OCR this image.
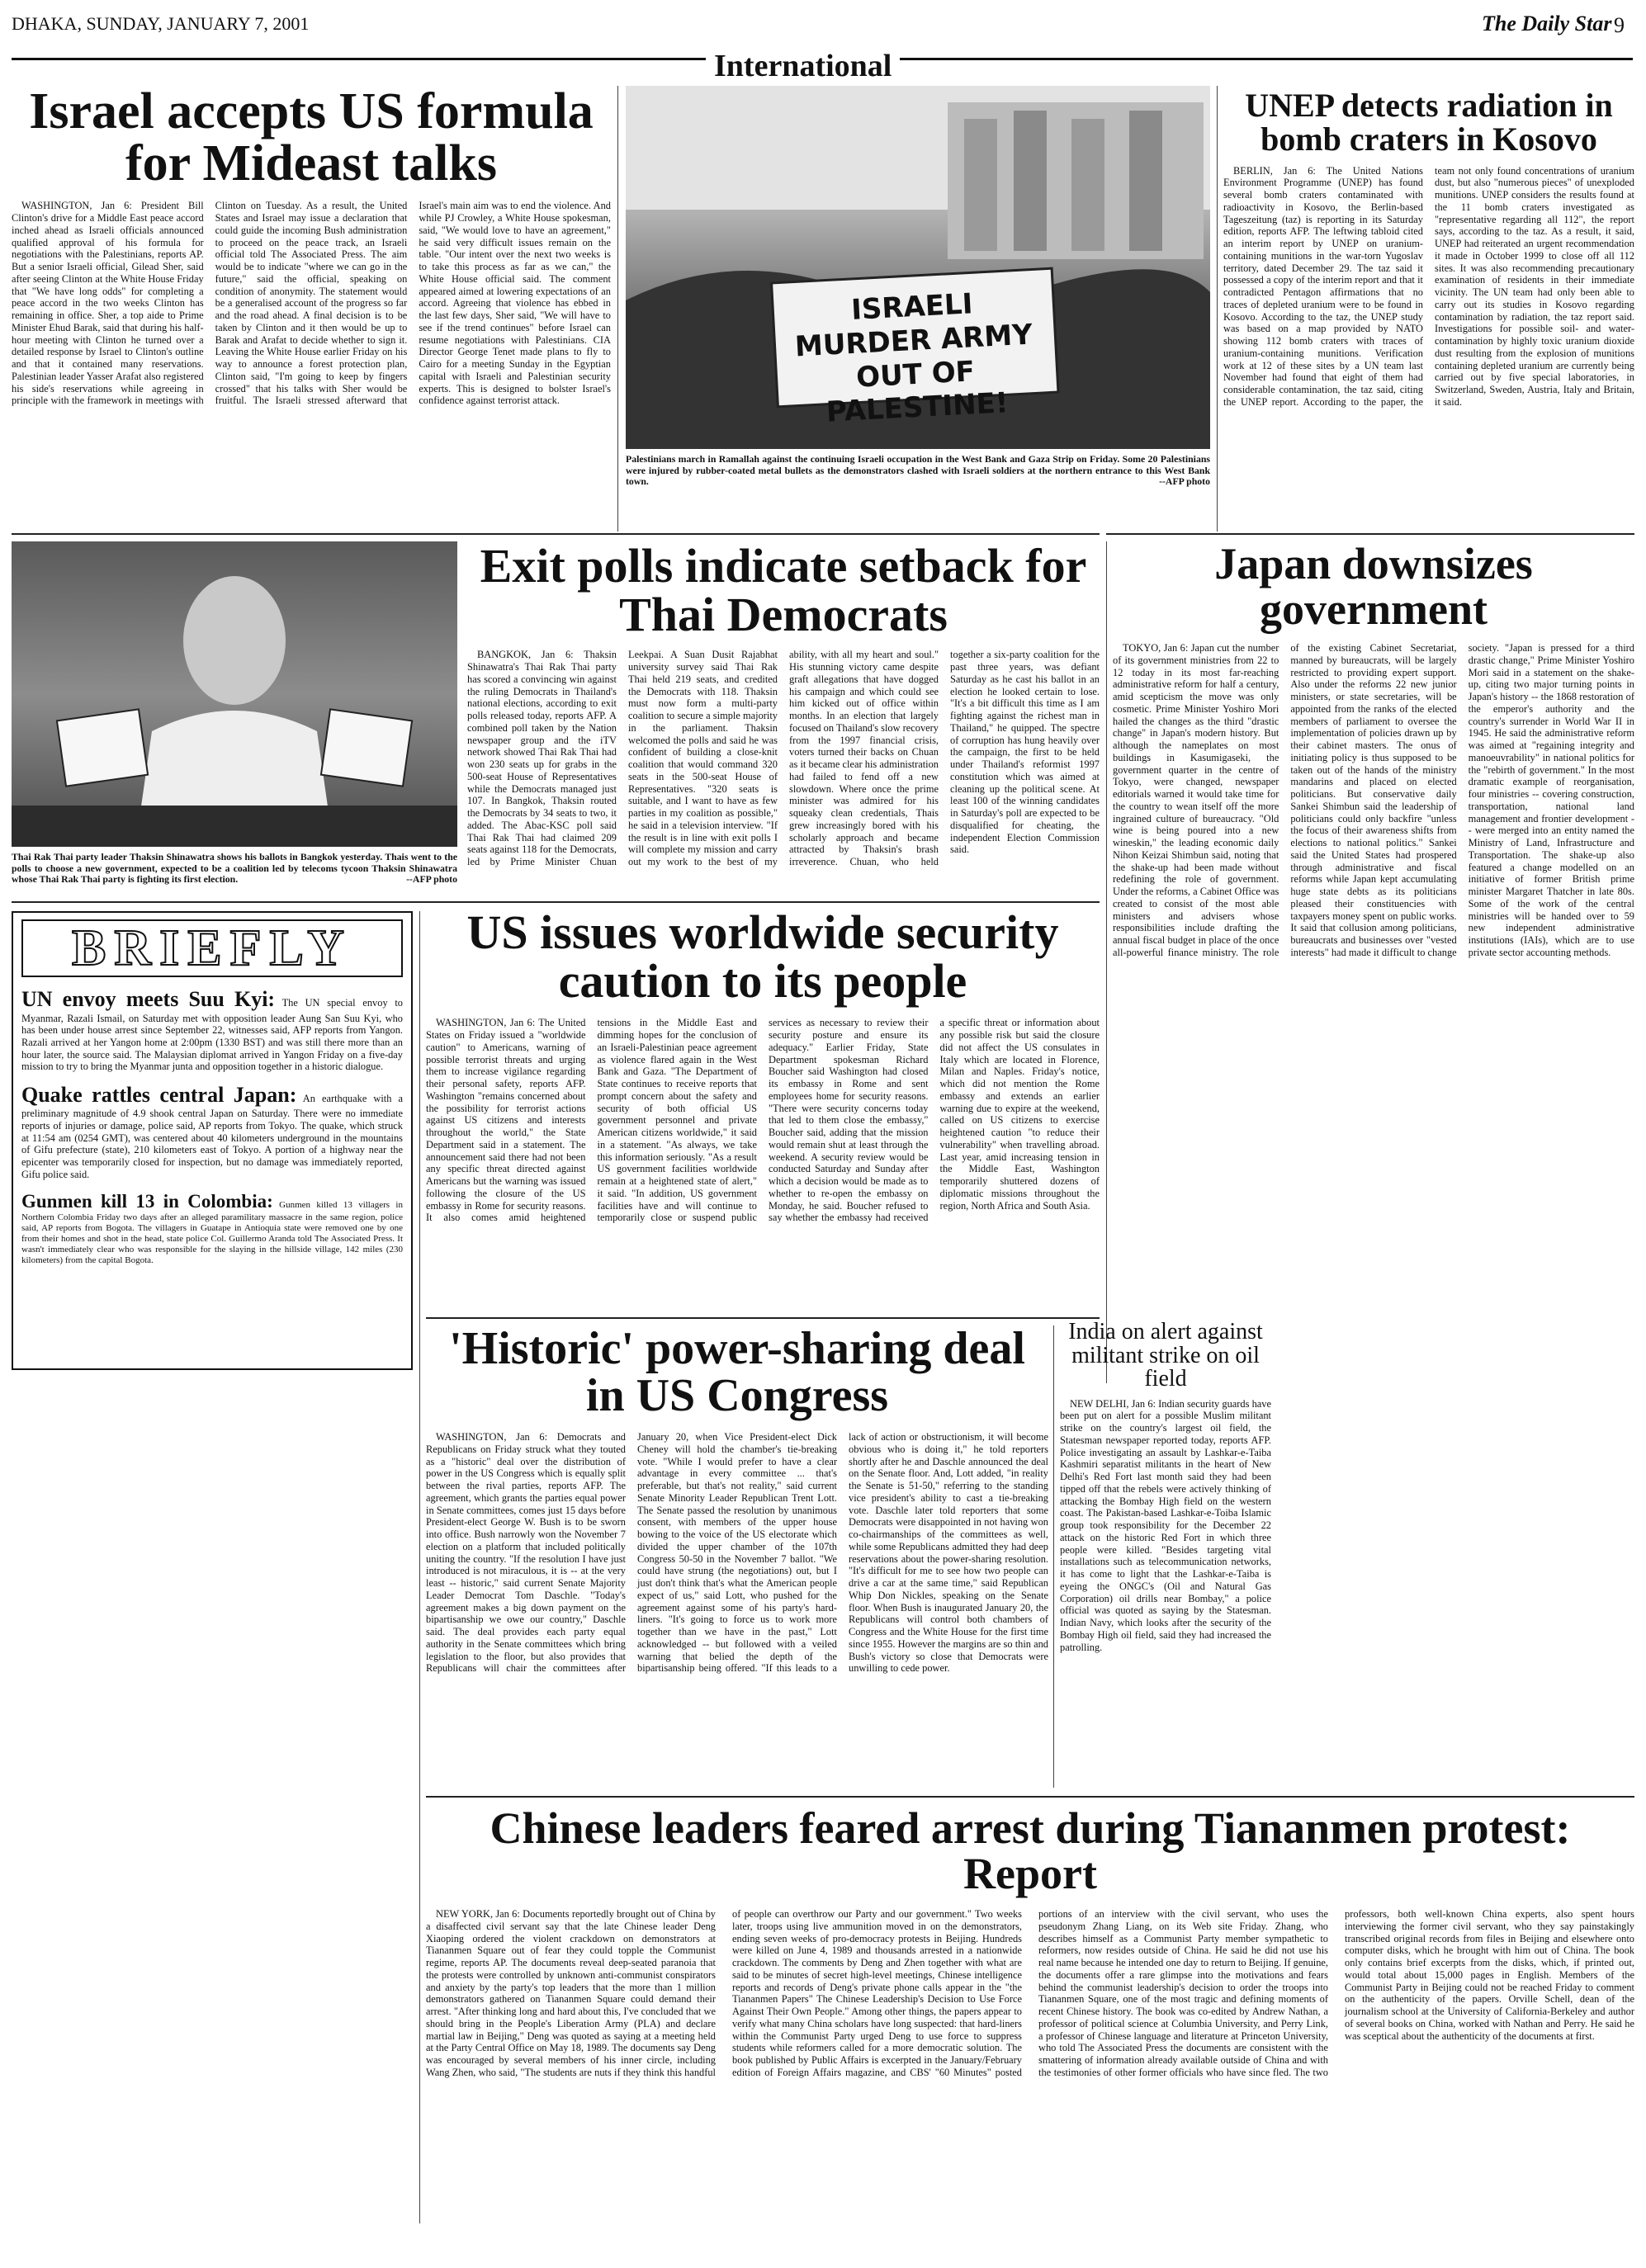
DHAKA, SUNDAY, JANUARY 7, 2001
International
The Daily Star 9
Israel accepts US formula for Mideast talks

WASHINGTON, Jan 6: President Bill Clinton's drive for a Middle East peace accord inched ahead as Israeli officials announced qualified approval of his formula for negotiations with the Palestinians, reports AP. But a senior Israeli official, Gilead Sher, said after seeing Clinton at the White House Friday that "We have long odds" for completing a peace accord in the two weeks Clinton has remaining in office. Sher, a top aide to Prime Minister Ehud Barak, said that during his half-hour meeting with Clinton he turned over a detailed response by Israel to Clinton's outline and that it contained many reservations. Palestinian leader Yasser Arafat also registered his side's reservations while agreeing in principle with the framework in meetings with Clinton on Tuesday. As a result, the United States and Israel may issue a declaration that could guide the incoming Bush administration to proceed on the peace track, an Israeli official told The Associated Press. The aim would be to indicate "where we can go in the future," said the official, speaking on condition of anonymity. The statement would be a generalised account of the progress so far and the road ahead. A final decision is to be taken by Clinton and it then would be up to Barak and Arafat to decide whether to sign it. Leaving the White House earlier Friday on his way to announce a forest protection plan, Clinton said, "I'm going to keep by fingers crossed" that his talks with Sher would be fruitful. The Israeli stressed afterward that Israel's main aim was to end the violence. And while PJ Crowley, a White House spokesman, said, "We would love to have an agreement," he said very difficult issues remain on the table. "Our intent over the next two weeks is to take this process as far as we can," the White House official said. The comment appeared aimed at lowering expectations of an accord. Agreeing that violence has ebbed in the last few days, Sher said, "We will have to see if the trend continues" before Israel can resume negotiations with Palestinians. CIA Director George Tenet made plans to fly to Cairo for a meeting Sunday in the Egyptian capital with Israeli and Palestinian security experts. This is designed to bolster Israel's confidence against terrorist attack.

ISRAELI MURDER ARMY OUT OF PALESTINE!
Palestinians march in Ramallah against the continuing Israeli occupation in the West Bank and Gaza Strip on Friday. Some 20 Palestinians were injured by rubber-coated metal bullets as the demonstrators clashed with Israeli soldiers at the northern entrance to this West Bank town.	--AFP photo
UNEP detects radiation in bomb craters in Kosovo

BERLIN, Jan 6: The United Nations Environment Programme (UNEP) has found several bomb craters contaminated with radioactivity in Kosovo, the Berlin-based Tageszeitung (taz) is reporting in its Saturday edition, reports AFP. The leftwing tabloid cited an interim report by UNEP on uranium-containing munitions in the war-torn Yugoslav territory, dated December 29. The taz said it possessed a copy of the interim report and that it contradicted Pentagon affirmations that no traces of depleted uranium were to be found in Kosovo. According to the taz, the UNEP study was based on a map provided by NATO showing 112 bomb craters with traces of uranium-containing munitions. Verification work at 12 of these sites by a UN team last November had found that eight of them had considerable contamination, the taz said, citing the UNEP report. According to the paper, the team not only found concentrations of uranium dust, but also "numerous pieces" of unexploded munitions. UNEP considers the results found at the 11 bomb craters investigated as "representative regarding all 112", the report says, according to the taz. As a result, it said, UNEP had reiterated an urgent recommendation it made in October 1999 to close off all 112 sites. It was also recommending precautionary examination of residents in their immediate vicinity. The UN team had only been able to carry out its studies in Kosovo regarding contamination by radiation, the taz report said. Investigations for possible soil- and water-contamination by highly toxic uranium dioxide dust resulting from the explosion of munitions containing depleted uranium are currently being carried out by five special laboratories, in Switzerland, Sweden, Austria, Italy and Britain, it said.

Thai Rak Thai party leader Thaksin Shinawatra shows his ballots in Bangkok yesterday. Thais went to the polls to choose a new government, expected to be a coalition led by telecoms tycoon Thaksin Shinawatra whose Thai Rak Thai party is fighting its first election.	--AFP photo
Exit polls indicate setback for Thai Democrats

BANGKOK, Jan 6: Thaksin Shinawatra's Thai Rak Thai party has scored a convincing win against the ruling Democrats in Thailand's national elections, according to exit polls released today, reports AFP. A combined poll taken by the Nation newspaper group and the iTV network showed Thai Rak Thai had won 230 seats up for grabs in the 500-seat House of Representatives while the Democrats managed just 107. In Bangkok, Thaksin routed the Democrats by 34 seats to two, it added. The Abac-KSC poll said Thai Rak Thai had claimed 209 seats against 118 for the Democrats, led by Prime Minister Chuan Leekpai. A Suan Dusit Rajabhat university survey said Thai Rak Thai held 219 seats, and credited the Democrats with 118. Thaksin must now form a multi-party coalition to secure a simple majority in the parliament. Thaksin welcomed the polls and said he was confident of building a close-knit coalition that would command 320 seats in the 500-seat House of Representatives. "320 seats is suitable, and I want to have as few parties in my coalition as possible," he said in a television interview. "If the result is in line with exit polls I will complete my mission and carry out my work to the best of my ability, with all my heart and soul." His stunning victory came despite graft allegations that have dogged his campaign and which could see him kicked out of office within months. In an election that largely focused on Thailand's slow recovery from the 1997 financial crisis, voters turned their backs on Chuan as it became clear his administration had failed to fend off a new slowdown. Where once the prime minister was admired for his squeaky clean credentials, Thais grew increasingly bored with his scholarly approach and became attracted by Thaksin's brash irreverence. Chuan, who held together a six-party coalition for the past three years, was defiant Saturday as he cast his ballot in an election he looked certain to lose. "It's a bit difficult this time as I am fighting against the richest man in Thailand," he quipped. The spectre of corruption has hung heavily over the campaign, the first to be held under Thailand's reformist 1997 constitution which was aimed at cleaning up the political scene. At least 100 of the winning candidates in Saturday's poll are expected to be disqualified for cheating, the independent Election Commission said.

Japan downsizes government

TOKYO, Jan 6: Japan cut the number of its government ministries from 22 to 12 today in its most far-reaching administrative reform for half a century, amid scepticism the move was only cosmetic. Prime Minister Yoshiro Mori hailed the changes as the third "drastic change" in Japan's modern history. But although the nameplates on most buildings in Kasumigaseki, the government quarter in the centre of Tokyo, were changed, newspaper editorials warned it would take time for the country to wean itself off the more ingrained culture of bureaucracy. "Old wine is being poured into a new wineskin," the leading economic daily Nihon Keizai Shimbun said, noting that the shake-up had been made without redefining the role of government. Under the reforms, a Cabinet Office was created to consist of the most able ministers and advisers whose responsibilities include drafting the annual fiscal budget in place of the once all-powerful finance ministry. The role of the existing Cabinet Secretariat, manned by bureaucrats, will be largely restricted to providing expert support. Also under the reforms 22 new junior ministers, or state secretaries, will be appointed from the ranks of the elected members of parliament to oversee the implementation of policies drawn up by their cabinet masters. The onus of initiating policy is thus supposed to be taken out of the hands of the ministry mandarins and placed on elected politicians. But conservative daily Sankei Shimbun said the leadership of politicians could only backfire "unless the focus of their awareness shifts from elections to national politics." Sankei said the United States had prospered through administrative and fiscal reforms while Japan kept accumulating huge state debts as its politicians pleased their constituencies with taxpayers money spent on public works. It said that collusion among politicians, bureaucrats and businesses over "vested interests" had made it difficult to change society. "Japan is pressed for a third drastic change," Prime Minister Yoshiro Mori said in a statement on the shake-up, citing two major turning points in Japan's history -- the 1868 restoration of the emperor's authority and the country's surrender in World War II in 1945. He said the administrative reform was aimed at "regaining integrity and manoeuvrability" in national politics for the "rebirth of government." In the most dramatic example of reorganisation, four ministries -- covering construction, transportation, national land management and frontier development -- were merged into an entity named the Ministry of Land, Infrastructure and Transportation. The shake-up also featured a change modelled on an initiative of former British prime minister Margaret Thatcher in late 80s. Some of the work of the central ministries will be handed over to 59 new independent administrative institutions (IAIs), which are to use private sector accounting methods.

BRIEFLY
UN envoy meets Suu Kyi: The UN special envoy to Myanmar, Razali Ismail, on Saturday met with opposition leader Aung San Suu Kyi, who has been under house arrest since September 22, witnesses said, AFP reports from Yangon. Razali arrived at her Yangon home at 2:00pm (1330 BST) and was still there more than an hour later, the source said. The Malaysian diplomat arrived in Yangon Friday on a five-day mission to try to bring the Myanmar junta and opposition together in a historic dialogue.
Quake rattles central Japan: An earthquake with a preliminary magnitude of 4.9 shook central Japan on Saturday. There were no immediate reports of injuries or damage, police said, AP reports from Tokyo. The quake, which struck at 11:54 am (0254 GMT), was centered about 40 kilometers underground in the mountains of Gifu prefecture (state), 210 kilometers east of Tokyo. A portion of a highway near the epicenter was temporarily closed for inspection, but no damage was immediately reported, Gifu police said.
Gunmen kill 13 in Colombia: Gunmen killed 13 villagers in Northern Colombia Friday two days after an alleged paramilitary massacre in the same region, police said, AP reports from Bogota. The villagers in Guatape in Antioquia state were removed one by one from their homes and shot in the head, state police Col. Guillermo Aranda told The Associated Press. It wasn't immediately clear who was responsible for the slaying in the hillside village, 142 miles (230 kilometers) from the capital Bogota.
US issues worldwide security caution to its people

WASHINGTON, Jan 6: The United States on Friday issued a "worldwide caution" to Americans, warning of possible terrorist threats and urging them to increase vigilance regarding their personal safety, reports AFP. Washington "remains concerned about the possibility for terrorist actions against US citizens and interests throughout the world," the State Department said in a statement. The announcement said there had not been any specific threat directed against Americans but the warning was issued following the closure of the US embassy in Rome for security reasons. It also comes amid heightened tensions in the Middle East and dimming hopes for the conclusion of an Israeli-Palestinian peace agreement as violence flared again in the West Bank and Gaza. "The Department of State continues to receive reports that prompt concern about the safety and security of both official US government personnel and private American citizens worldwide," it said in a statement. "As always, we take this information seriously. "As a result US government facilities worldwide remain at a heightened state of alert," it said. "In addition, US government facilities have and will continue to temporarily close or suspend public services as necessary to review their security posture and ensure its adequacy." Earlier Friday, State Department spokesman Richard Boucher said Washington had closed its embassy in Rome and sent employees home for security reasons. "There were security concerns today that led to them close the embassy," Boucher said, adding that the mission would remain shut at least through the weekend. A security review would be conducted Saturday and Sunday after which a decision would be made as to whether to re-open the embassy on Monday, he said. Boucher refused to say whether the embassy had received a specific threat or information about any possible risk but said the closure did not affect the US consulates in Italy which are located in Florence, Milan and Naples. Friday's notice, which did not mention the Rome embassy and extends an earlier warning due to expire at the weekend, called on US citizens to exercise heightened caution "to reduce their vulnerability" when travelling abroad. Last year, amid increasing tension in the Middle East, Washington temporarily shuttered dozens of diplomatic missions throughout the region, North Africa and South Asia.

'Historic' power-sharing deal in US Congress

WASHINGTON, Jan 6: Democrats and Republicans on Friday struck what they touted as a "historic" deal over the distribution of power in the US Congress which is equally split between the rival parties, reports AFP. The agreement, which grants the parties equal power in Senate committees, comes just 15 days before President-elect George W. Bush is to be sworn into office. Bush narrowly won the November 7 election on a platform that included politically uniting the country. "If the resolution I have just introduced is not miraculous, it is -- at the very least -- historic," said current Senate Majority Leader Democrat Tom Daschle. "Today's agreement makes a big down payment on the bipartisanship we owe our country," Daschle said. The deal provides each party equal authority in the Senate committees which bring legislation to the floor, but also provides that Republicans will chair the committees after January 20, when Vice President-elect Dick Cheney will hold the chamber's tie-breaking vote. "While I would prefer to have a clear advantage in every committee ... that's preferable, but that's not reality," said current Senate Minority Leader Republican Trent Lott. The Senate passed the resolution by unanimous consent, with members of the upper house bowing to the voice of the US electorate which divided the upper chamber of the 107th Congress 50-50 in the November 7 ballot. "We could have strung (the negotiations) out, but I just don't think that's what the American people expect of us," said Lott, who pushed for the agreement against some of his party's hard-liners. "It's going to force us to work more together than we have in the past," Lott acknowledged -- but followed with a veiled warning that belied the depth of the bipartisanship being offered. "If this leads to a lack of action or obstructionism, it will become obvious who is doing it," he told reporters shortly after he and Daschle announced the deal on the Senate floor. And, Lott added, "in reality the Senate is 51-50," referring to the standing vice president's ability to cast a tie-breaking vote. Daschle later told reporters that some Democrats were disappointed in not having won co-chairmanships of the committees as well, while some Republicans admitted they had deep reservations about the power-sharing resolution. "It's difficult for me to see how two people can drive a car at the same time," said Republican Whip Don Nickles, speaking on the Senate floor. When Bush is inaugurated January 20, the Republicans will control both chambers of Congress and the White House for the first time since 1955. However the margins are so thin and Bush's victory so close that Democrats were unwilling to cede power.

India on alert against militant strike on oil field

NEW DELHI, Jan 6: Indian security guards have been put on alert for a possible Muslim militant strike on the country's largest oil field, the Statesman newspaper reported today, reports AFP. Police investigating an assault by Lashkar-e-Taiba Kashmiri separatist militants in the heart of New Delhi's Red Fort last month said they had been tipped off that the rebels were actively thinking of attacking the Bombay High field on the western coast. The Pakistan-based Lashkar-e-Toiba Islamic group took responsibility for the December 22 attack on the historic Red Fort in which three people were killed. "Besides targeting vital installations such as telecommunication networks, it has come to light that the Lashkar-e-Taiba is eyeing the ONGC's (Oil and Natural Gas Corporation) oil drills near Bombay," a police official was quoted as saying by the Statesman. Indian Navy, which looks after the security of the Bombay High oil field, said they had increased the patrolling.

Chinese leaders feared arrest during Tiananmen protest: Report

NEW YORK, Jan 6: Documents reportedly brought out of China by a disaffected civil servant say that the late Chinese leader Deng Xiaoping ordered the violent crackdown on demonstrators at Tiananmen Square out of fear they could topple the Communist regime, reports AP. The documents reveal deep-seated paranoia that the protests were controlled by unknown anti-communist conspirators and anxiety by the party's top leaders that the more than 1 million demonstrators gathered on Tiananmen Square could demand their arrest. "After thinking long and hard about this, I've concluded that we should bring in the People's Liberation Army (PLA) and declare martial law in Beijing," Deng was quoted as saying at a meeting held at the Party Central Office on May 18, 1989. The documents say Deng was encouraged by several members of his inner circle, including Wang Zhen, who said, "The students are nuts if they think this handful of people can overthrow our Party and our government." Two weeks later, troops using live ammunition moved in on the demonstrators, ending seven weeks of pro-democracy protests in Beijing. Hundreds were killed on June 4, 1989 and thousands arrested in a nationwide crackdown. The comments by Deng and Zhen together with what are said to be minutes of secret high-level meetings, Chinese intelligence reports and records of Deng's private phone calls appear in the "the Tiananmen Papers" The Chinese Leadership's Decision to Use Force Against Their Own People." Among other things, the papers appear to verify what many China scholars have long suspected: that hard-liners within the Communist Party urged Deng to use force to suppress students while reformers called for a more democratic solution. The book published by Public Affairs is excerpted in the January/February edition of Foreign Affairs magazine, and CBS' "60 Minutes" posted portions of an interview with the civil servant, who uses the pseudonym Zhang Liang, on its Web site Friday. Zhang, who describes himself as a Communist Party member sympathetic to reformers, now resides outside of China. He said he did not use his real name because he intended one day to return to Beijing. If genuine, the documents offer a rare glimpse into the motivations and fears behind the communist leadership's decision to order the troops into Tiananmen Square, one of the most tragic and defining moments of recent Chinese history. The book was co-edited by Andrew Nathan, a professor of political science at Columbia University, and Perry Link, a professor of Chinese language and literature at Princeton University, who told The Associated Press the documents are consistent with the smattering of information already available outside of China and with the testimonies of other former officials who have since fled. The two professors, both well-known China experts, also spent hours interviewing the former civil servant, who they say painstakingly transcribed original records from files in Beijing and elsewhere onto computer disks, which he brought with him out of China. The book only contains brief excerpts from the disks, which, if printed out, would total about 15,000 pages in English. Members of the Communist Party in Beijing could not be reached Friday to comment on the authenticity of the papers. Orville Schell, dean of the journalism school at the University of California-Berkeley and author of several books on China, worked with Nathan and Perry. He said he was sceptical about the authenticity of the documents at first.
